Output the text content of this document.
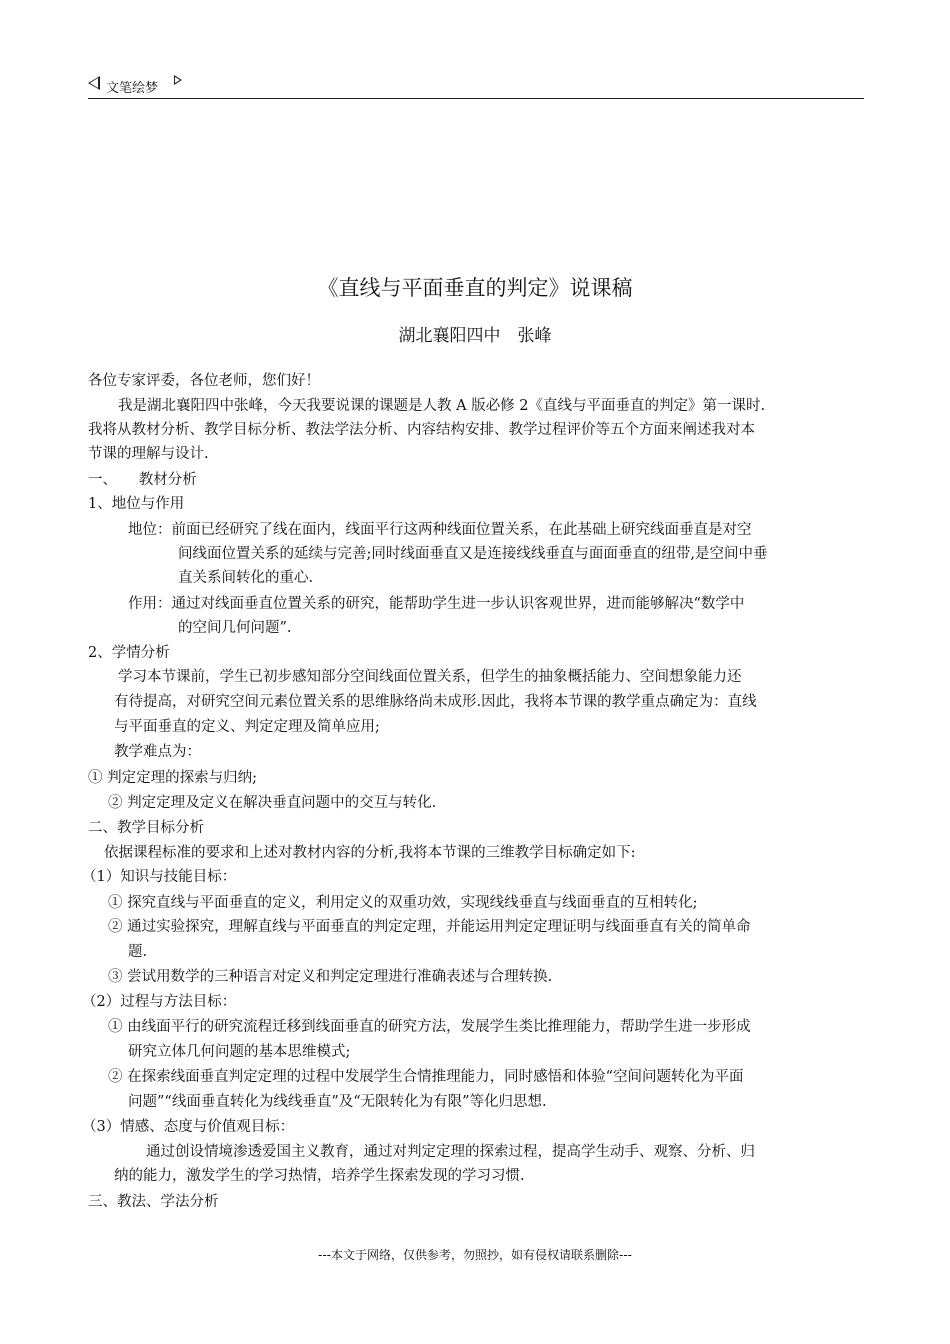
文笔绘梦
《直线与平面垂直的判定》说课稿
湖北襄阳四中　张峰
各位专家评委，各位老师，您们好！
我是湖北襄阳四中张峰，今天我要说课的课题是人教 A 版必修 2《直线与平面垂直的判定》第一课时.
我将从教材分析、教学目标分析、教法学法分析、内容结构安排、教学过程评价等五个方面来阐述我对本
节课的理解与设计.
一、　　教材分析
1、地位与作用
地位：前面已经研究了线在面内，线面平行这两种线面位置关系，在此基础上研究线面垂直是对空
间线面位置关系的延续与完善;同时线面垂直又是连接线线垂直与面面垂直的纽带,是空间中垂
直关系间转化的重心.
作用：通过对线面垂直位置关系的研究，能帮助学生进一步认识客观世界，进而能够解决“数学中
的空间几何问题”.
2、学情分析
学习本节课前，学生已初步感知部分空间线面位置关系，但学生的抽象概括能力、空间想象能力还
有待提高，对研究空间元素位置关系的思维脉络尚未成形.因此，我将本节课的教学重点确定为：直线
与平面垂直的定义、判定定理及简单应用;
教学难点为：
① 判定定理的探索与归纳;
② 判定定理及定义在解决垂直问题中的交互与转化.
二、教学目标分析
依据课程标准的要求和上述对教材内容的分析,我将本节课的三维教学目标确定如下:
（1）知识与技能目标：
① 探究直线与平面垂直的定义，利用定义的双重功效，实现线线垂直与线面垂直的互相转化;
② 通过实验探究，理解直线与平面垂直的判定定理，并能运用判定定理证明与线面垂直有关的简单命
题.
③ 尝试用数学的三种语言对定义和判定定理进行准确表述与合理转换.
（2）过程与方法目标：
① 由线面平行的研究流程迁移到线面垂直的研究方法，发展学生类比推理能力，帮助学生进一步形成
研究立体几何问题的基本思维模式;
② 在探索线面垂直判定定理的过程中发展学生合情推理能力，同时感悟和体验“空间问题转化为平面
问题”“线面垂直转化为线线垂直”及“无限转化为有限”等化归思想.
（3）情感、态度与价值观目标：
通过创设情境渗透爱国主义教育，通过对判定定理的探索过程，提高学生动手、观察、分析、归
纳的能力，激发学生的学习热情，培养学生探索发现的学习习惯.
三、教法、学法分析
---本文于网络，仅供参考，勿照抄，如有侵权请联系删除---
